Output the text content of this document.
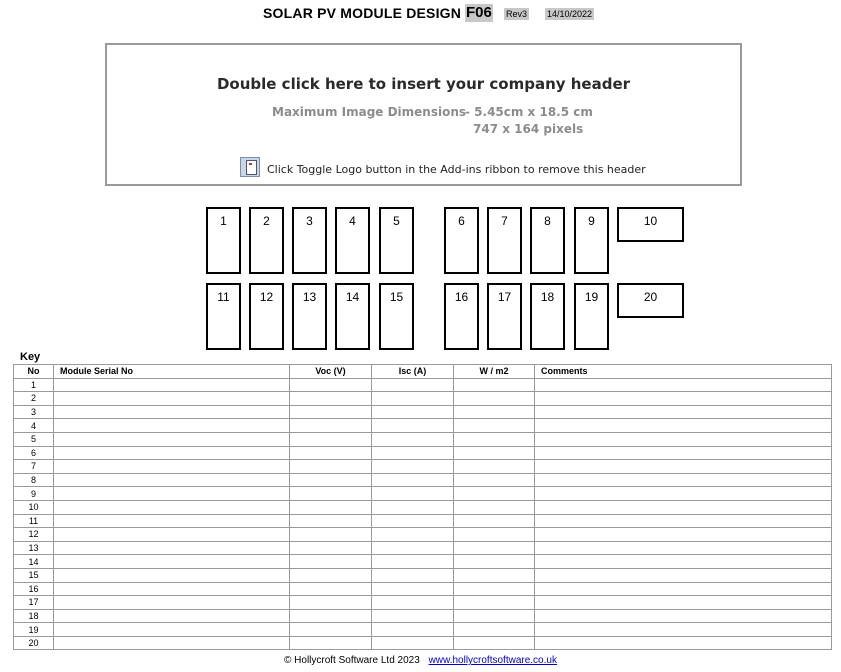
SOLAR PV MODULE DESIGN F06 Rev3 14/10/2022
Double click here to insert your company header
Maximum Image Dimensions
- 5.45cm x 18.5 cm
747 x 164 pixels
Click Toggle Logo button in the Add-ins ribbon to remove this header
1	2	3	4	5	6	7	8	9	10
11	12	13	14	15	16	17	18	19	20
Key
No	Module Serial No	Voc (V)	Isc (A)	W / m2	Comments
1					
2					
3					
4					
5					
6					
7					
8					
9					
10					
11					
12					
13					
14					
15					
16					
17					
18					
19					
20					
© Hollycroft Software Ltd 2023 www.hollycroftsoftware.co.uk
